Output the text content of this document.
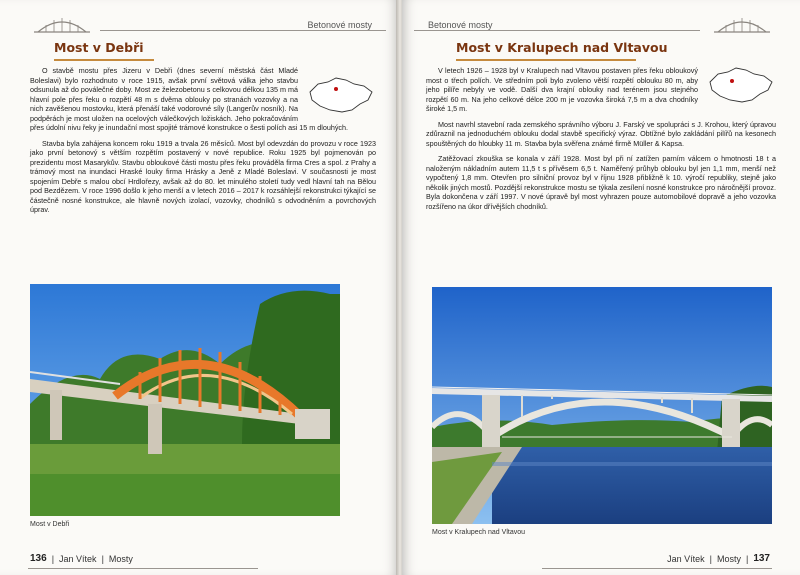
Betonové mosty
Most v Debři

O stavbě mostu přes Jizeru v Debři (dnes severní městská část Mladé Boleslavi) bylo rozhodnuto v roce 1915, avšak první světová válka jeho stavbu odsunula až do poválečné doby. Most ze železobetonu s celkovou délkou 135 m má hlavní pole přes řeku o rozpětí 48 m s dvěma oblouky po stranách vozovky a na nich zavěšenou mostovku, která přenáší také vodorovné síly (Langerův nosník). Na podpěrách je most uložen na ocelových válečkových ložiskách. Jeho pokračováním přes údolní nivu řeky je inundační most spojité trámové konstrukce o šesti polích asi 15 m dlouhých.

Stavba byla zahájena koncem roku 1919 a trvala 26 měsíců. Most byl odevzdán do provozu v roce 1923 jako první betonový s větším rozpětím postavený v nové republice. Roku 1925 byl pojmenován po prezidentu most Masarykův. Stavbu obloukové části mostu přes řeku prováděla firma Cres a spol. z Prahy a trámový most na inundaci Hraské louky firma Hrásky a Jeně z Mladé Boleslavi. V současnosti je most spojením Debře s malou obcí Hrdlořezy, avšak až do 80. let minulého století tudy vedl hlavní tah na Bělou pod Bezdězem. V roce 1996 došlo k jeho menší a v letech 2016 – 2017 k rozsáhlejší rekonstrukci týkající se částečně nosné konstrukce, ale hlavně nových izolací, vozovky, chodníků s odvodněním a povrchových úprav.

Most v Debři
136 | Jan Vítek | Mosty
Betonové mosty
Most v Kralupech nad Vltavou

V letech 1926 – 1928 byl v Kralupech nad Vltavou postaven přes řeku obloukový most o třech polích. Ve středním poli bylo zvoleno větší rozpětí oblouku 80 m, aby jeho pilíře nebyly ve vodě. Další dva krajní oblouky nad terénem jsou stejného rozpětí 60 m. Na jeho celkové délce 200 m je vozovka široká 7,5 m a dva chodníky široké 1,5 m.

Most navrhl stavební rada zemského správního výboru J. Farský ve spolupráci s J. Krohou, který úpravou zdůraznil na jednoduchém oblouku dodal stavbě specifický výraz. Obtížné bylo zakládání pilířů na kesonech spouštěných do hloubky 11 m. Stavba byla svěřena známé firmě Müller & Kapsa.

Zatěžovací zkouška se konala v září 1928. Most byl při ní zatížen parním válcem o hmotnosti 18 t a naloženým nákladním autem 11,5 t s přívěsem 6,5 t. Naměřený průhyb oblouku byl jen 1,1 mm, menší než vypočtený 1,8 mm. Otevřen pro silniční provoz byl v říjnu 1928 přibližně k 10. výročí republiky, stejně jako několik jiných mostů. Pozdější rekonstrukce mostu se týkala zesílení nosné konstrukce pro náročnější provoz. Byla dokončena v září 1997. V nové úpravě byl most vyhrazen pouze automobilové dopravě a jeho vozovka rozšířeno na úkor dřívějších chodníků.

Most v Kralupech nad Vltavou
Jan Vítek | Mosty | 137
